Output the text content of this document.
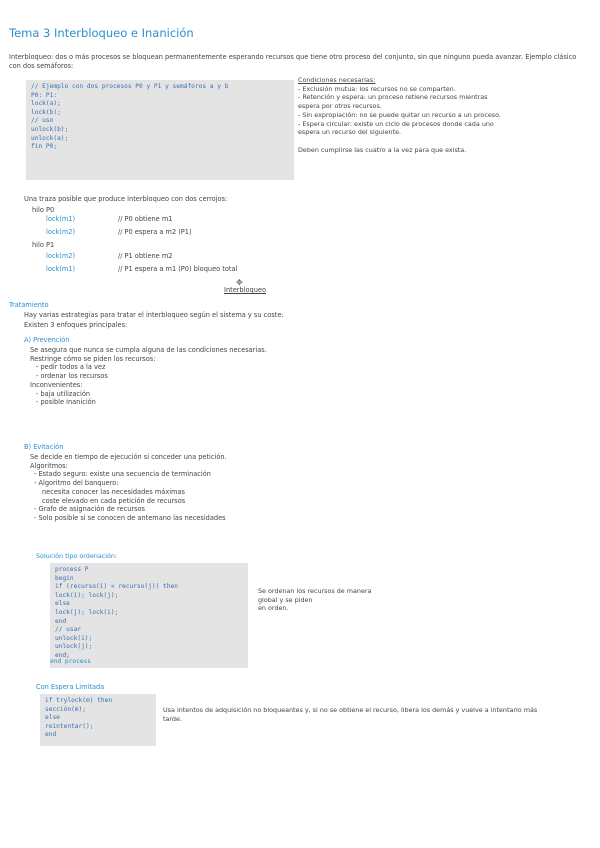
Tema 3 Interbloqueo e Inanición
Interbloqueo: dos o más procesos se bloquean permanentemente esperando recursos que tiene otro proceso del conjunto, sin que ninguno pueda avanzar. Ejemplo clásico con dos semáforos:
// Ejemplo con dos procesos P0 y P1 y semáforos a y b
P0: P1:
lock(a);
lock(b);
// uso
unlock(b);
unlock(a);
fin P0;
Condiciones necesarias:
- Exclusión mutua: los recursos no se comparten.
- Retención y espera: un proceso retiene recursos mientras
espera por otros recursos.
- Sin expropiación: no se puede quitar un recurso a un proceso.
- Espera circular: existe un ciclo de procesos donde cada uno
espera un recurso del siguiente.
Deben cumplirse las cuatro a la vez para que exista.
Una traza posible que produce interbloqueo con dos cerrojos:
hilo P0
lock(m1)	// P0 obtiene m1
lock(m2)	// P0 espera a m2 (P1)
hilo P1
lock(m2)	// P1 obtiene m2
lock(m1)	// P1 espera a m1 (P0) bloqueo total
✥
Interbloqueo
Tratamiento
Hay varias estrategias para tratar el interbloqueo según el sistema y su coste:
Existen 3 enfoques principales:
A) Prevención
Se asegura que nunca se cumpla alguna de las condiciones necesarias.
Restringe cómo se piden los recursos:
- pedir todos a la vez
- ordenar los recursos
Inconvenientes:
- baja utilización
- posible inanición
B) Evitación
Se decide en tiempo de ejecución si conceder una petición.
Algoritmos:
- Estado seguro: existe una secuencia de terminación
- Algoritmo del banquero:
necesita conocer las necesidades máximas
coste elevado en cada petición de recursos
- Grafo de asignación de recursos
- Solo posible si se conocen de antemano las necesidades
Solución tipo ordenación:
process P
begin
if (recurso(i) < recurso(j)) then
lock(i); lock(j);
else
lock(j); lock(i);
end
// usar
unlock(i);
unlock(j);
end;
end process
Se ordenan los recursos de manera
global y se piden
en orden.
Con Espera Limitada
if trylock(m) then
sección(m);
else
reintentar();
end
Usa intentos de adquisición no bloqueantes y, si no se obtiene el recurso, libera los demás y vuelve a intentarlo más tarde.
